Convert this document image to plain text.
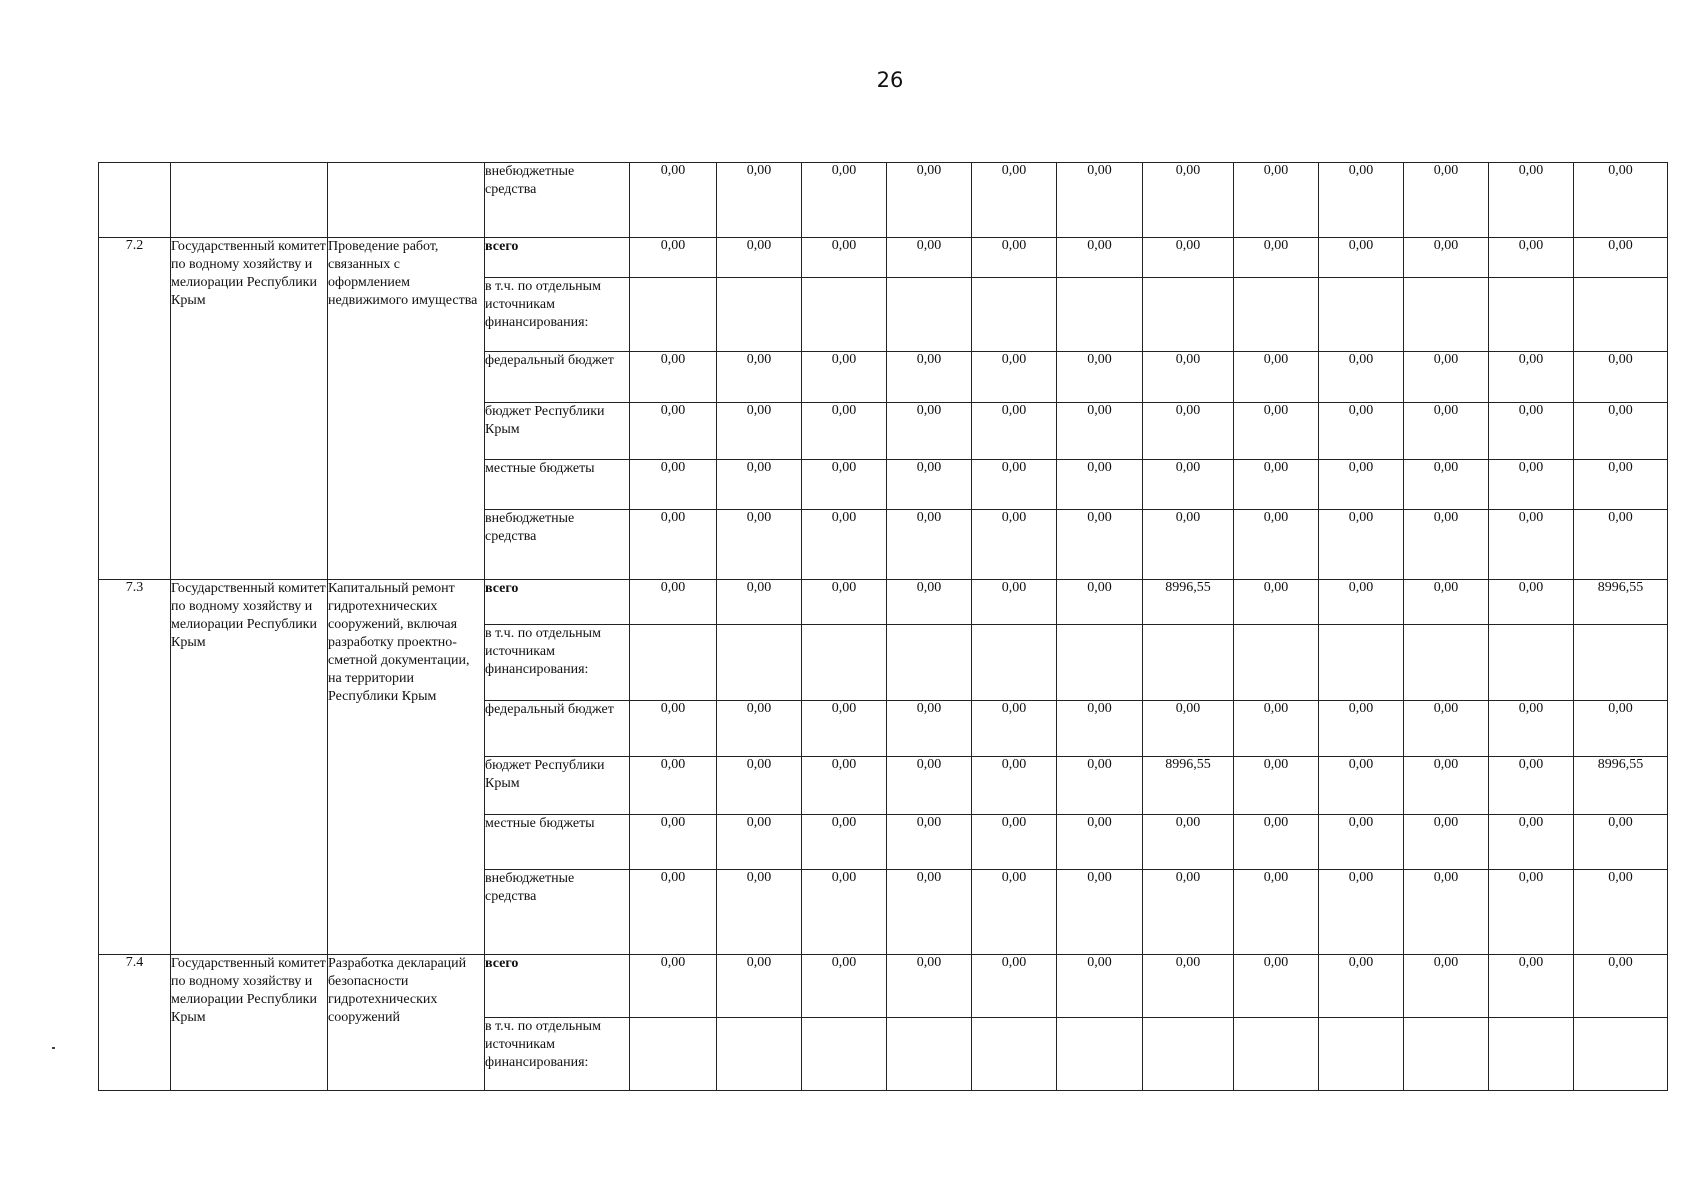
26
			внебюджетные средства	0,00	0,00	0,00	0,00	0,00	0,00	0,00	0,00	0,00	0,00	0,00	0,00
7.2	Государственный комитет по водному хозяйству и мелиорации Республики Крым	Проведение работ, связанных с оформлением недвижимого имущества	всего	0,00	0,00	0,00	0,00	0,00	0,00	0,00	0,00	0,00	0,00	0,00	0,00
			в т.ч. по отдельным источникам финансирования:												
			федеральный бюджет	0,00	0,00	0,00	0,00	0,00	0,00	0,00	0,00	0,00	0,00	0,00	0,00
			бюджет Республики Крым	0,00	0,00	0,00	0,00	0,00	0,00	0,00	0,00	0,00	0,00	0,00	0,00
			местные бюджеты	0,00	0,00	0,00	0,00	0,00	0,00	0,00	0,00	0,00	0,00	0,00	0,00
			внебюджетные средства	0,00	0,00	0,00	0,00	0,00	0,00	0,00	0,00	0,00	0,00	0,00	0,00
7.3	Государственный комитет по водному хозяйству и мелиорации Республики Крым	Капитальный ремонт гидротехнических сооружений, включая разработку проектно-сметной документации, на территории Республики Крым	всего	0,00	0,00	0,00	0,00	0,00	0,00	8996,55	0,00	0,00	0,00	0,00	8996,55
			в т.ч. по отдельным источникам финансирования:												
			федеральный бюджет	0,00	0,00	0,00	0,00	0,00	0,00	0,00	0,00	0,00	0,00	0,00	0,00
			бюджет Республики Крым	0,00	0,00	0,00	0,00	0,00	0,00	8996,55	0,00	0,00	0,00	0,00	8996,55
			местные бюджеты	0,00	0,00	0,00	0,00	0,00	0,00	0,00	0,00	0,00	0,00	0,00	0,00
			внебюджетные средства	0,00	0,00	0,00	0,00	0,00	0,00	0,00	0,00	0,00	0,00	0,00	0,00
7.4	Государственный комитет по водному хозяйству и мелиорации Республики Крым	Разработка деклараций безопасности гидротехнических сооружений	всего	0,00	0,00	0,00	0,00	0,00	0,00	0,00	0,00	0,00	0,00	0,00	0,00
			в т.ч. по отдельным источникам финансирования:												
